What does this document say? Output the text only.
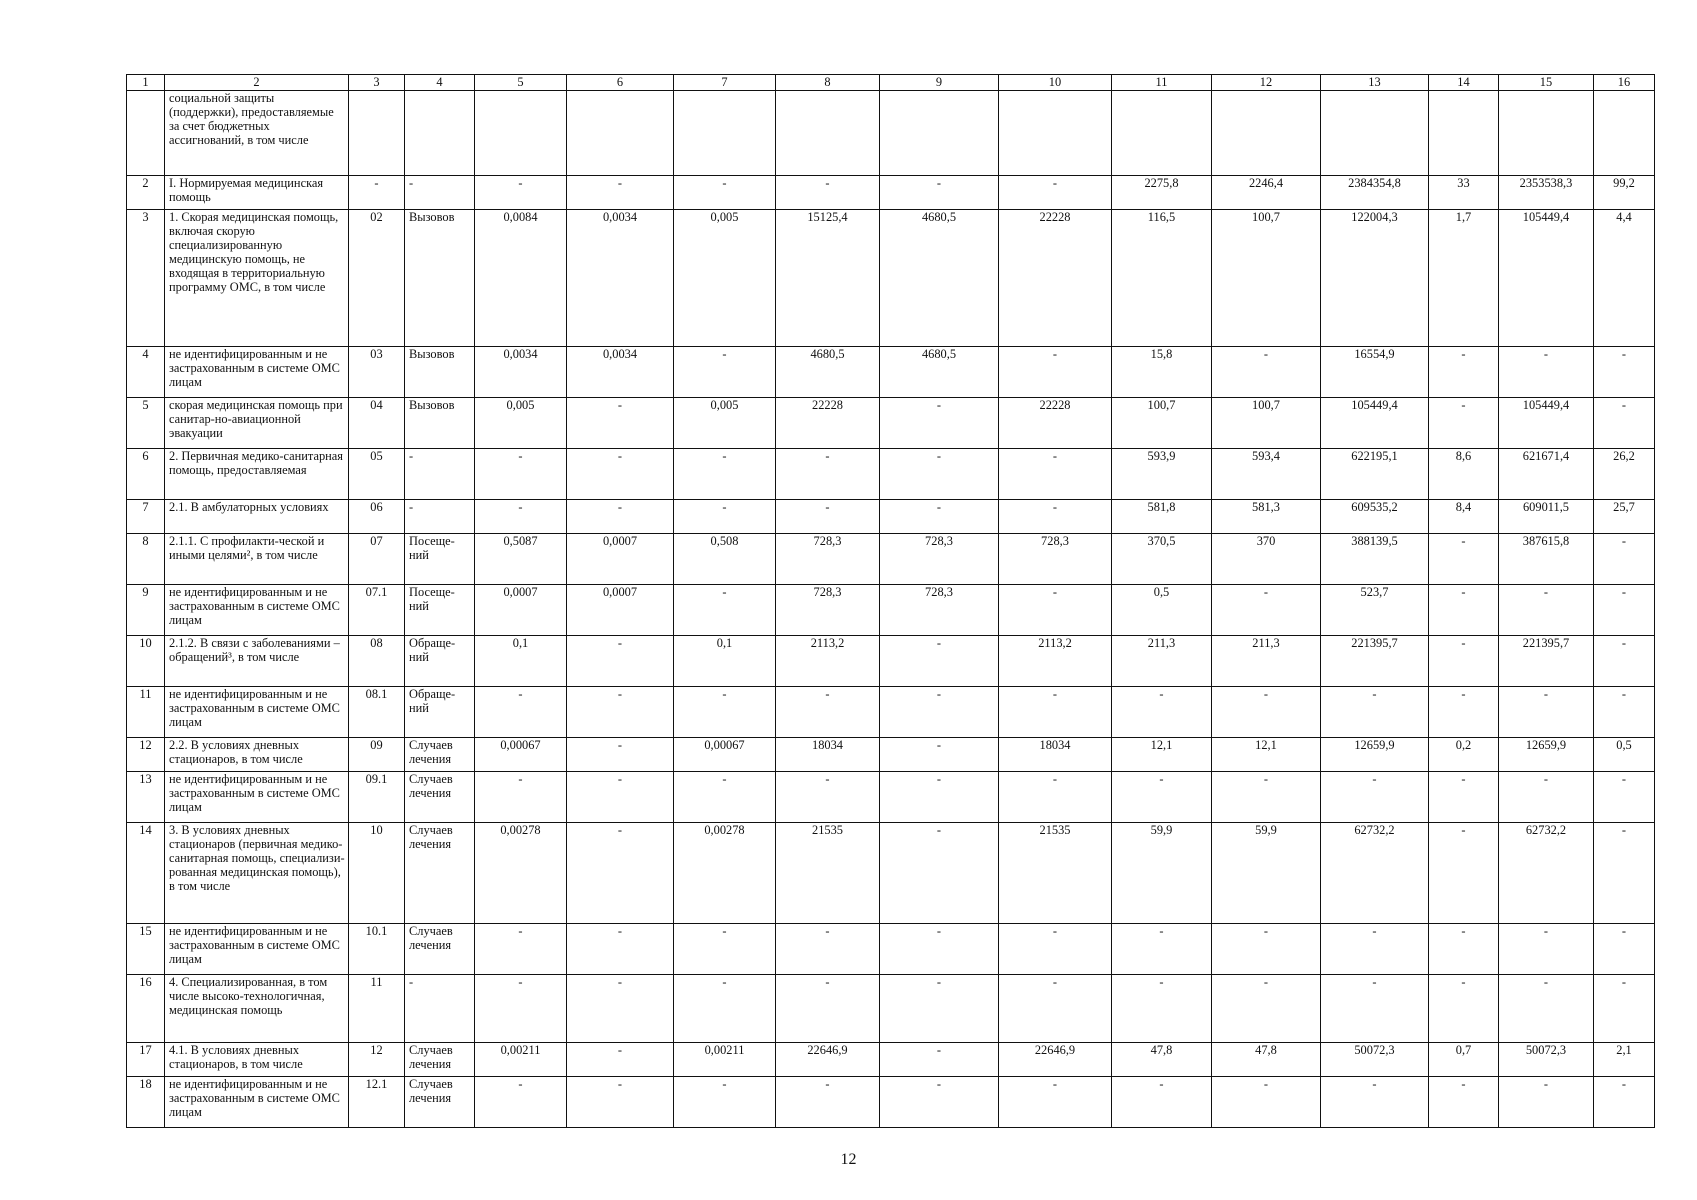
1	2	3	4	5	6	7	8	9	10	11	12	13	14	15	16
	социальной защиты (поддержки), предоставляемые за счет бюджетных ассигнований, в том числе														
2	I. Нормируемая медицинская помощь	-	-	-	-	-	-	-	-	2275,8	2246,4	2384354,8	33	2353538,3	99,2
3	1. Скорая медицинская помощь, включая скорую специализированную медицинскую помощь, не входящая в территориальную программу ОМС, в том числе	02	Вызовов	0,0084	0,0034	0,005	15125,4	4680,5	22228	116,5	100,7	122004,3	1,7	105449,4	4,4
4	не идентифицированным и не застрахованным в системе ОМС лицам	03	Вызовов	0,0034	0,0034	-	4680,5	4680,5	-	15,8	-	16554,9	-	-	-
5	скорая медицинская помощь при санитар-но-авиационной эвакуации	04	Вызовов	0,005	-	0,005	22228	-	22228	100,7	100,7	105449,4	-	105449,4	-
6	2. Первичная медико-санитарная помощь, предоставляемая	05	-	-	-	-	-	-	-	593,9	593,4	622195,1	8,6	621671,4	26,2
7	2.1. В амбулаторных условиях	06	-	-	-	-	-	-	-	581,8	581,3	609535,2	8,4	609011,5	25,7
8	2.1.1. С профилакти-ческой и иными целями², в том числе	07	Посеще-ний	0,5087	0,0007	0,508	728,3	728,3	728,3	370,5	370	388139,5	-	387615,8	-
9	не идентифицированным и не застрахованным в системе ОМС лицам	07.1	Посеще-ний	0,0007	0,0007	-	728,3	728,3	-	0,5	-	523,7	-	-	-
10	2.1.2. В связи с заболеваниями – обращений³, в том числе	08	Обраще-ний	0,1	-	0,1	2113,2	-	2113,2	211,3	211,3	221395,7	-	221395,7	-
11	не идентифицированным и не застрахованным в системе ОМС лицам	08.1	Обраще-ний	-	-	-	-	-	-	-	-	-	-	-	-
12	2.2. В условиях дневных стационаров, в том числе	09	Случаев лечения	0,00067	-	0,00067	18034	-	18034	12,1	12,1	12659,9	0,2	12659,9	0,5
13	не идентифицированным и не застрахованным в системе ОМС лицам	09.1	Случаев лечения	-	-	-	-	-	-	-	-	-	-	-	-
14	3. В условиях дневных стационаров (первичная медико-санитарная помощь, специализи-рованная медицинская помощь), в том числе	10	Случаев лечения	0,00278	-	0,00278	21535	-	21535	59,9	59,9	62732,2	-	62732,2	-
15	не идентифицированным и не застрахованным в системе ОМС лицам	10.1	Случаев лечения	-	-	-	-	-	-	-	-	-	-	-	-
16	4. Специализированная, в том числе высоко-технологичная, медицинская помощь	11	-	-	-	-	-	-	-	-	-	-	-	-	-
17	4.1. В условиях дневных стационаров, в том числе	12	Случаев лечения	0,00211	-	0,00211	22646,9	-	22646,9	47,8	47,8	50072,3	0,7	50072,3	2,1
18	не идентифицированным и не застрахованным в системе ОМС лицам	12.1	Случаев лечения	-	-	-	-	-	-	-	-	-	-	-	-
12
